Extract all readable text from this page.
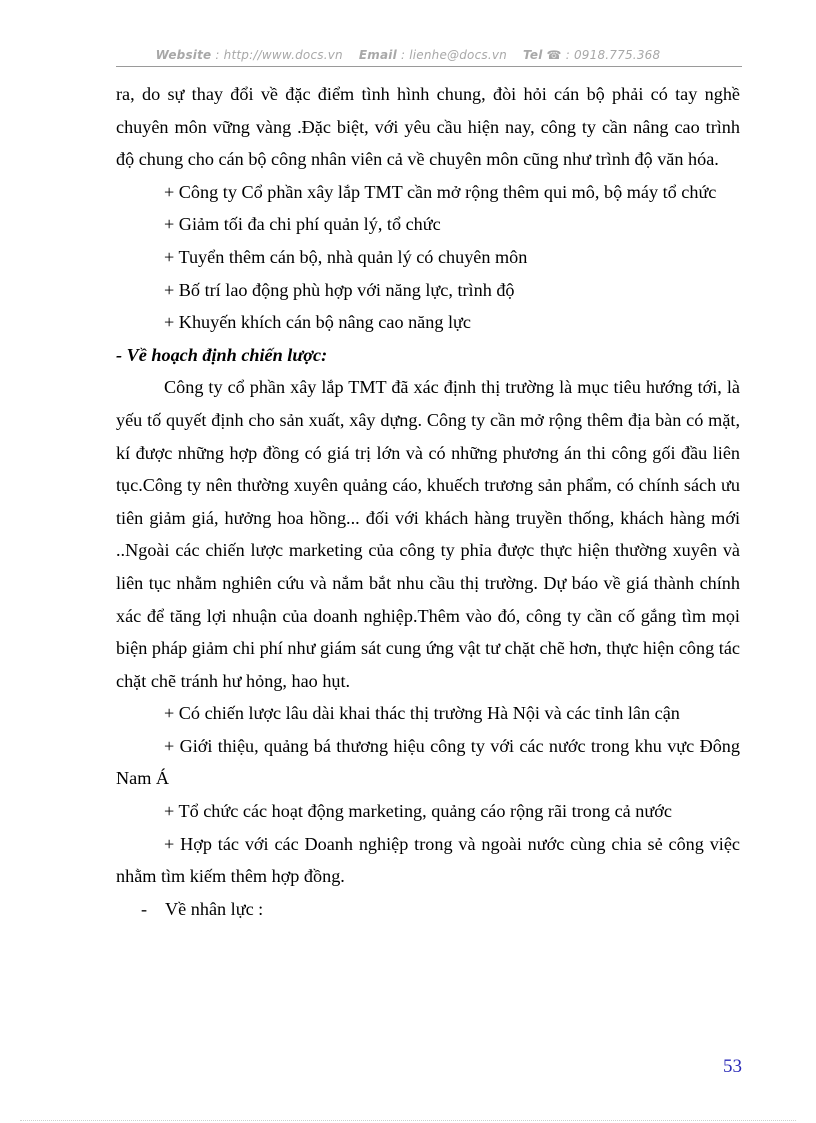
Website : http://www.docs.vn Email : lienhe@docs.vn Tel ☎ : 0918.775.368

ra, do sự thay đổi về đặc điểm tình hình chung, đòi hỏi cán bộ phải có tay nghề chuyên môn vững vàng .Đặc biệt, với yêu cầu hiện nay, công ty cần nâng cao trình độ chung cho cán bộ công nhân viên cả về chuyên môn cũng như trình độ văn hóa.

+ Công ty Cổ phần xây lắp TMT cần mở rộng thêm qui mô, bộ máy tổ chức

+ Giảm tối đa chi phí quản lý, tổ chức

+ Tuyển thêm cán bộ, nhà quản lý có chuyên môn

+ Bố trí lao động phù hợp với năng lực, trình độ

+ Khuyến khích cán bộ nâng cao năng lực

- Về hoạch định chiến lược:

Công ty cổ phần xây lắp TMT đã xác định thị trường là mục tiêu hướng tới, là yếu tố quyết định cho sản xuất, xây dựng. Công ty cần mở rộng thêm địa bàn có mặt, kí được những hợp đồng có giá trị lớn và có những phương án thi công gối đầu liên tục.Công ty nên thường xuyên quảng cáo, khuếch trương sản phẩm, có chính sách ưu tiên giảm giá, hưởng hoa hồng... đối với khách hàng truyền thống, khách hàng mới ..Ngoài các chiến lược marketing của công ty phỉa được thực hiện thường xuyên và liên tục nhằm nghiên cứu và nắm bắt nhu cầu thị trường. Dự báo về giá thành chính xác để tăng lợi nhuận của doanh nghiệp.Thêm vào đó, công ty cần cố gắng tìm mọi biện pháp giảm chi phí như giám sát cung ứng vật tư chặt chẽ hơn, thực hiện công tác chặt chẽ tránh hư hỏng, hao hụt.

+ Có chiến lược lâu dài khai thác thị trường Hà Nội và các tỉnh lân cận

+ Giới thiệu, quảng bá thương hiệu công ty với các nước trong khu vực Đông Nam Á

+ Tổ chức các hoạt động marketing, quảng cáo rộng rãi trong cả nước

+ Hợp tác với các Doanh nghiệp trong và ngoài nước cùng chia sẻ công việc nhằm tìm kiếm thêm hợp đồng.

- Về nhân lực :

53
